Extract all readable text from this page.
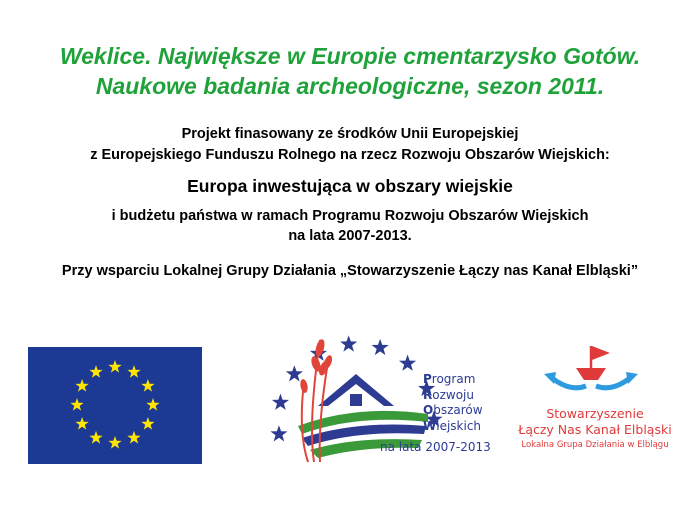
Weklice. Największe w Europie cmentarzysko Gotów.
Naukowe badania archeologiczne, sezon 2011.
Projekt finasowany ze środków Unii Europejskiej
z Europejskiego Funduszu Rolnego na rzecz Rozwoju Obszarów Wiejskich:
Europa inwestująca w obszary wiejskie
i budżetu państwa w ramach Programu Rozwoju Obszarów Wiejskich
na lata 2007-2013.
Przy wsparciu Lokalnej Grupy Działania „Stowarzyszenie Łączy nas Kanał Elbląski”
Program
Rozwoju
Obszarów
Wiejskich
na lata 2007-2013
Stowarzyszenie
Łączy Nas Kanał Elbląski
Lokalna Grupa Działania w Elblągu
